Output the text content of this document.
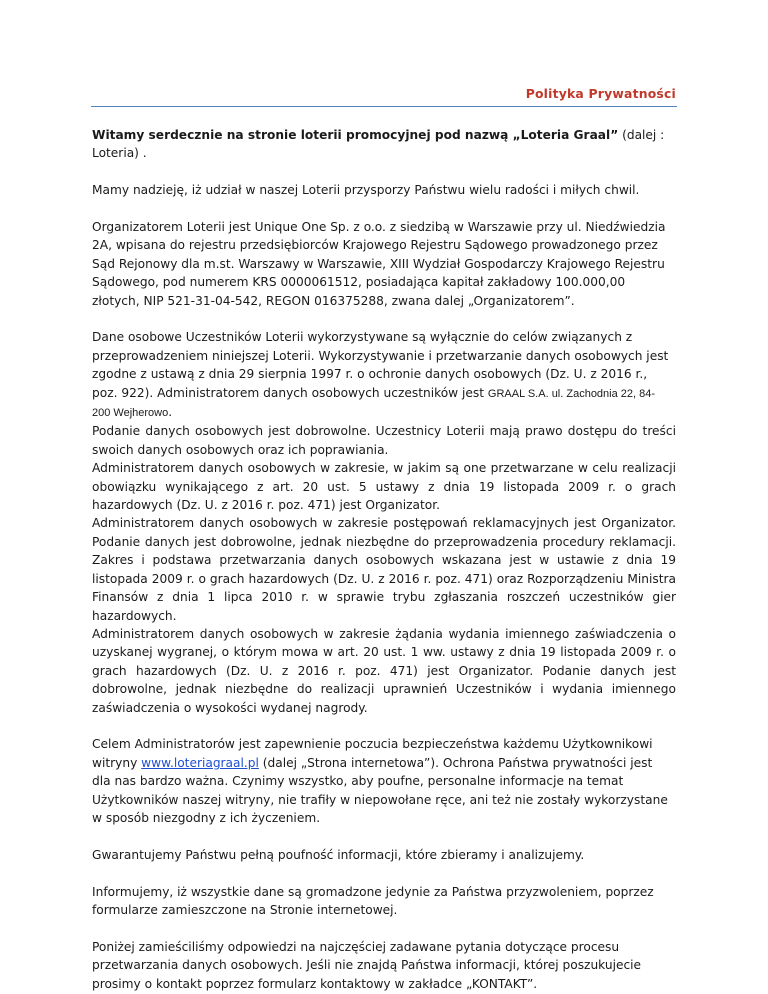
Polityka Prywatności

Witamy serdecznie na stronie loterii promocyjnej pod nazwą „Loteria Graal” (dalej : Loteria) .

Mamy nadzieję, iż udział w naszej Loterii przysporzy Państwu wielu radości i miłych chwil.

Organizatorem Loterii jest Unique One Sp. z o.o. z siedzibą w Warszawie przy ul. Niedźwiedzia
2A, wpisana do rejestru przedsiębiorców Krajowego Rejestru Sądowego prowadzonego przez
Sąd Rejonowy dla m.st. Warszawy w Warszawie, XIII Wydział Gospodarczy Krajowego Rejestru
Sądowego, pod numerem KRS 0000061512, posiadająca kapitał zakładowy 100.000,00
złotych, NIP 521-31-04-542, REGON 016375288, zwana dalej „Organizatorem”.

Dane osobowe Uczestników Loterii wykorzystywane są wyłącznie do celów związanych z
przeprowadzeniem niniejszej Loterii. Wykorzystywanie i przetwarzanie danych osobowych jest
zgodne z ustawą z dnia 29 sierpnia 1997 r. o ochronie danych osobowych (Dz. U. z 2016 r.,
poz. 922). Administratorem danych osobowych uczestników jest GRAAL S.A. ul. Zachodnia 22, 84-
200 Wejherowo.

Podanie danych osobowych jest dobrowolne. Uczestnicy Loterii mają prawo dostępu do treści swoich danych osobowych oraz ich poprawiania.

Administratorem danych osobowych w zakresie, w jakim są one przetwarzane w celu realizacji obowiązku wynikającego z art. 20 ust. 5 ustawy z dnia 19 listopada 2009 r. o grach hazardowych (Dz. U. z 2016 r. poz. 471) jest Organizator.

Administratorem danych osobowych w zakresie postępowań reklamacyjnych jest Organizator. Podanie danych jest dobrowolne, jednak niezbędne do przeprowadzenia procedury reklamacji. Zakres i podstawa przetwarzania danych osobowych wskazana jest w ustawie z dnia 19 listopada 2009 r. o grach hazardowych (Dz. U. z 2016 r. poz. 471) oraz Rozporządzeniu Ministra Finansów z dnia 1 lipca 2010 r. w sprawie trybu zgłaszania roszczeń uczestników gier hazardowych.

Administratorem danych osobowych w zakresie żądania wydania imiennego zaświadczenia o uzyskanej wygranej, o którym mowa w art. 20 ust. 1 ww. ustawy z dnia 19 listopada 2009 r. o grach hazardowych (Dz. U. z 2016 r. poz. 471) jest Organizator. Podanie danych jest dobrowolne, jednak niezbędne do realizacji uprawnień Uczestników i wydania imiennego zaświadczenia o wysokości wydanej nagrody.

Celem Administratorów jest zapewnienie poczucia bezpieczeństwa każdemu Użytkownikowi
witryny www.loteriagraal.pl (dalej „Strona internetowa”). Ochrona Państwa prywatności jest
dla nas bardzo ważna. Czynimy wszystko, aby poufne, personalne informacje na temat
Użytkowników naszej witryny, nie trafiły w niepowołane ręce, ani też nie zostały wykorzystane
w sposób niezgodny z ich życzeniem.

Gwarantujemy Państwu pełną poufność informacji, które zbieramy i analizujemy.

Informujemy, iż wszystkie dane są gromadzone jedynie za Państwa przyzwoleniem, poprzez
formularze zamieszczone na Stronie internetowej.

Poniżej zamieściliśmy odpowiedzi na najczęściej zadawane pytania dotyczące procesu
przetwarzania danych osobowych. Jeśli nie znajdą Państwa informacji, której poszukujecie
prosimy o kontakt poprzez formularz kontaktowy w zakładce „KONTAKT”.
